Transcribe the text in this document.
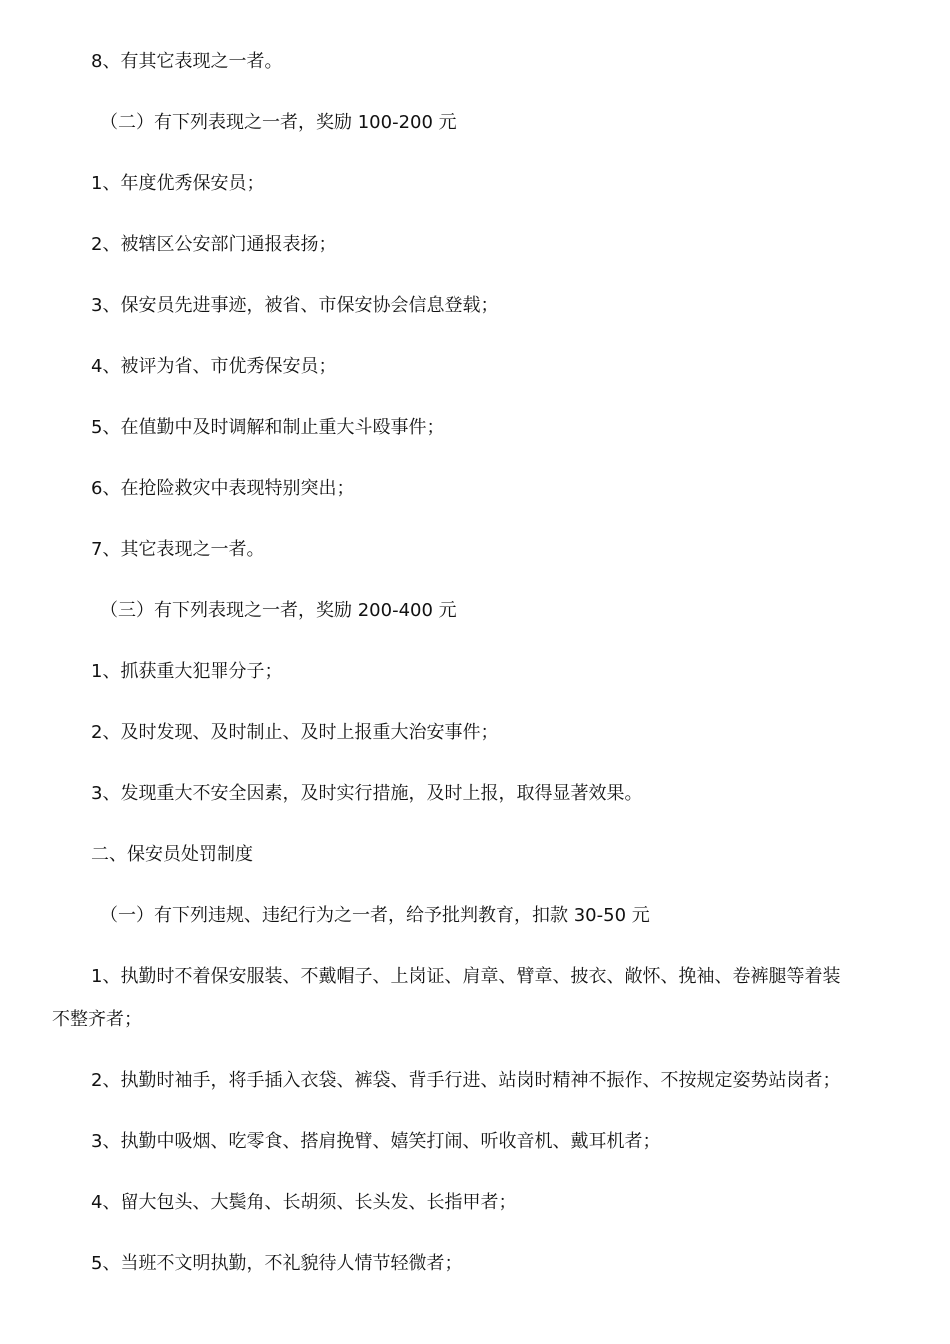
8、有其它表现之一者。
（二）有下列表现之一者，奖励 100-200 元
1、年度优秀保安员；
2、被辖区公安部门通报表扬；
3、保安员先进事迹，被省、市保安协会信息登载；
4、被评为省、市优秀保安员；
5、在值勤中及时调解和制止重大斗殴事件；
6、在抢险救灾中表现特别突出；
7、其它表现之一者。
（三）有下列表现之一者，奖励 200-400 元
1、抓获重大犯罪分子；
2、及时发现、及时制止、及时上报重大治安事件；
3、发现重大不安全因素，及时实行措施，及时上报，取得显著效果。
二、保安员处罚制度
（一）有下列违规、违纪行为之一者，给予批判教育，扣款 30-50 元
1、执勤时不着保安服装、不戴帽子、上岗证、肩章、臂章、披衣、敞怀、挽袖、卷裤腿等着装
不整齐者；
2、执勤时袖手，将手插入衣袋、裤袋、背手行进、站岗时精神不振作、不按规定姿势站岗者；
3、执勤中吸烟、吃零食、搭肩挽臂、嬉笑打闹、听收音机、戴耳机者；
4、留大包头、大鬓角、长胡须、长头发、长指甲者；
5、当班不文明执勤，不礼貌待人情节轻微者；
